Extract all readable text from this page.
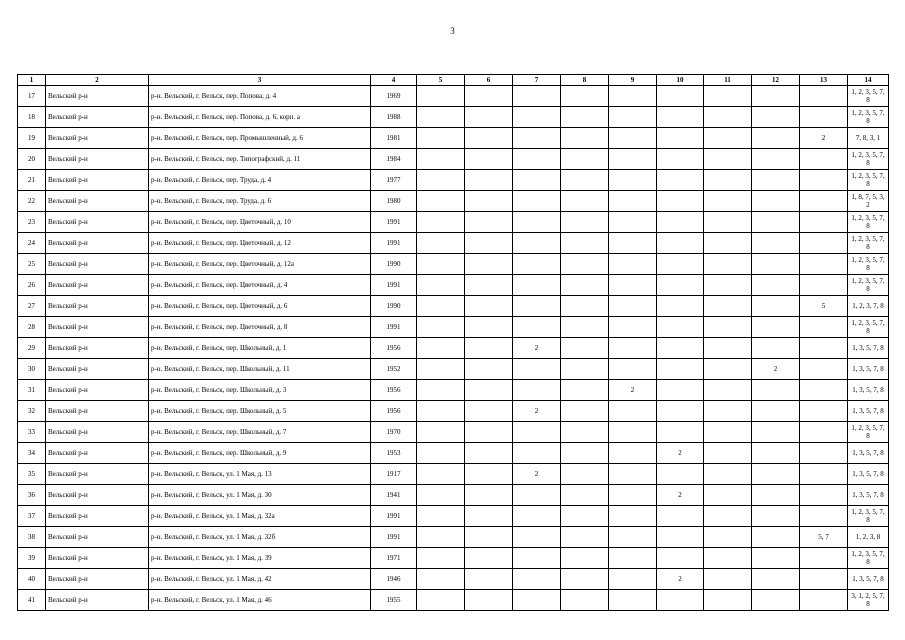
3
1	2	3	4	5	6	7	8	9	10	11	12	13	14
17	Вельский р-н	р-н. Вельский, г. Вельск, пер. Попова, д. 4	1969										1, 2, 3, 5, 7, 8
18	Вельский р-н	р-н. Вельский, г. Вельск, пер. Попова, д. 6, корп. а	1988										1, 2, 3, 5, 7, 8
19	Вельский р-н	р-н. Вельский, г. Вельск, пер. Промышленный, д. 6	1981									2	7, 8, 3, 1
20	Вельский р-н	р-н. Вельский, г. Вельск, пер. Типографский, д. 11	1984										1, 2, 3, 5, 7, 8
21	Вельский р-н	р-н. Вельский, г. Вельск, пер. Труда, д. 4	1977										1, 2, 3, 5, 7, 8
22	Вельский р-н	р-н. Вельский, г. Вельск, пер. Труда, д. 6	1980										1, 8, 7, 5, 3, 2
23	Вельский р-н	р-н. Вельский, г. Вельск, пер. Цветочный, д. 10	1991										1, 2, 3, 5, 7, 8
24	Вельский р-н	р-н. Вельский, г. Вельск, пер. Цветочный, д. 12	1991										1, 2, 3, 5, 7, 8
25	Вельский р-н	р-н. Вельский, г. Вельск, пер. Цветочный, д. 12а	1990										1, 2, 3, 5, 7, 8
26	Вельский р-н	р-н. Вельский, г. Вельск, пер. Цветочный, д. 4	1991										1, 2, 3, 5, 7, 8
27	Вельский р-н	р-н. Вельский, г. Вельск, пер. Цветочный, д. 6	1990									5	1, 2, 3, 7, 8
28	Вельский р-н	р-н. Вельский, г. Вельск, пер. Цветочный, д. 8	1991										1, 2, 3, 5, 7, 8
29	Вельский р-н	р-н. Вельский, г. Вельск, пер. Школьный, д. 1	1956			2							1, 3, 5, 7, 8
30	Вельский р-н	р-н. Вельский, г. Вельск, пер. Школьный, д. 11	1952								2		1, 3, 5, 7, 8
31	Вельский р-н	р-н. Вельский, г. Вельск, пер. Школьный, д. 3	1956					2					1, 3, 5, 7, 8
32	Вельский р-н	р-н. Вельский, г. Вельск, пер. Школьный, д. 5	1956			2							1, 3, 5, 7, 8
33	Вельский р-н	р-н. Вельский, г. Вельск, пер. Школьный, д. 7	1970										1, 2, 3, 5, 7, 8
34	Вельский р-н	р-н. Вельский, г. Вельск, пер. Школьный, д. 9	1953						2				1, 3, 5, 7, 8
35	Вельский р-н	р-н. Вельский, г. Вельск, ул. 1 Мая, д. 13	1917			2							1, 3, 5, 7, 8
36	Вельский р-н	р-н. Вельский, г. Вельск, ул. 1 Мая, д. 30	1941						2				1, 3, 5, 7, 8
37	Вельский р-н	р-н. Вельский, г. Вельск, ул. 1 Мая, д. 32а	1991										1, 2, 3, 5, 7, 8
38	Вельский р-н	р-н. Вельский, г. Вельск, ул. 1 Мая, д. 32б	1991									5, 7	1, 2, 3, 8
39	Вельский р-н	р-н. Вельский, г. Вельск, ул. 1 Мая, д. 39	1971										1, 2, 3, 5, 7, 8
40	Вельский р-н	р-н. Вельский, г. Вельск, ул. 1 Мая, д. 42	1946						2				1, 3, 5, 7, 8
41	Вельский р-н	р-н. Вельский, г. Вельск, ул. 1 Мая, д. 46	1955										3, 1, 2, 5, 7, 8
